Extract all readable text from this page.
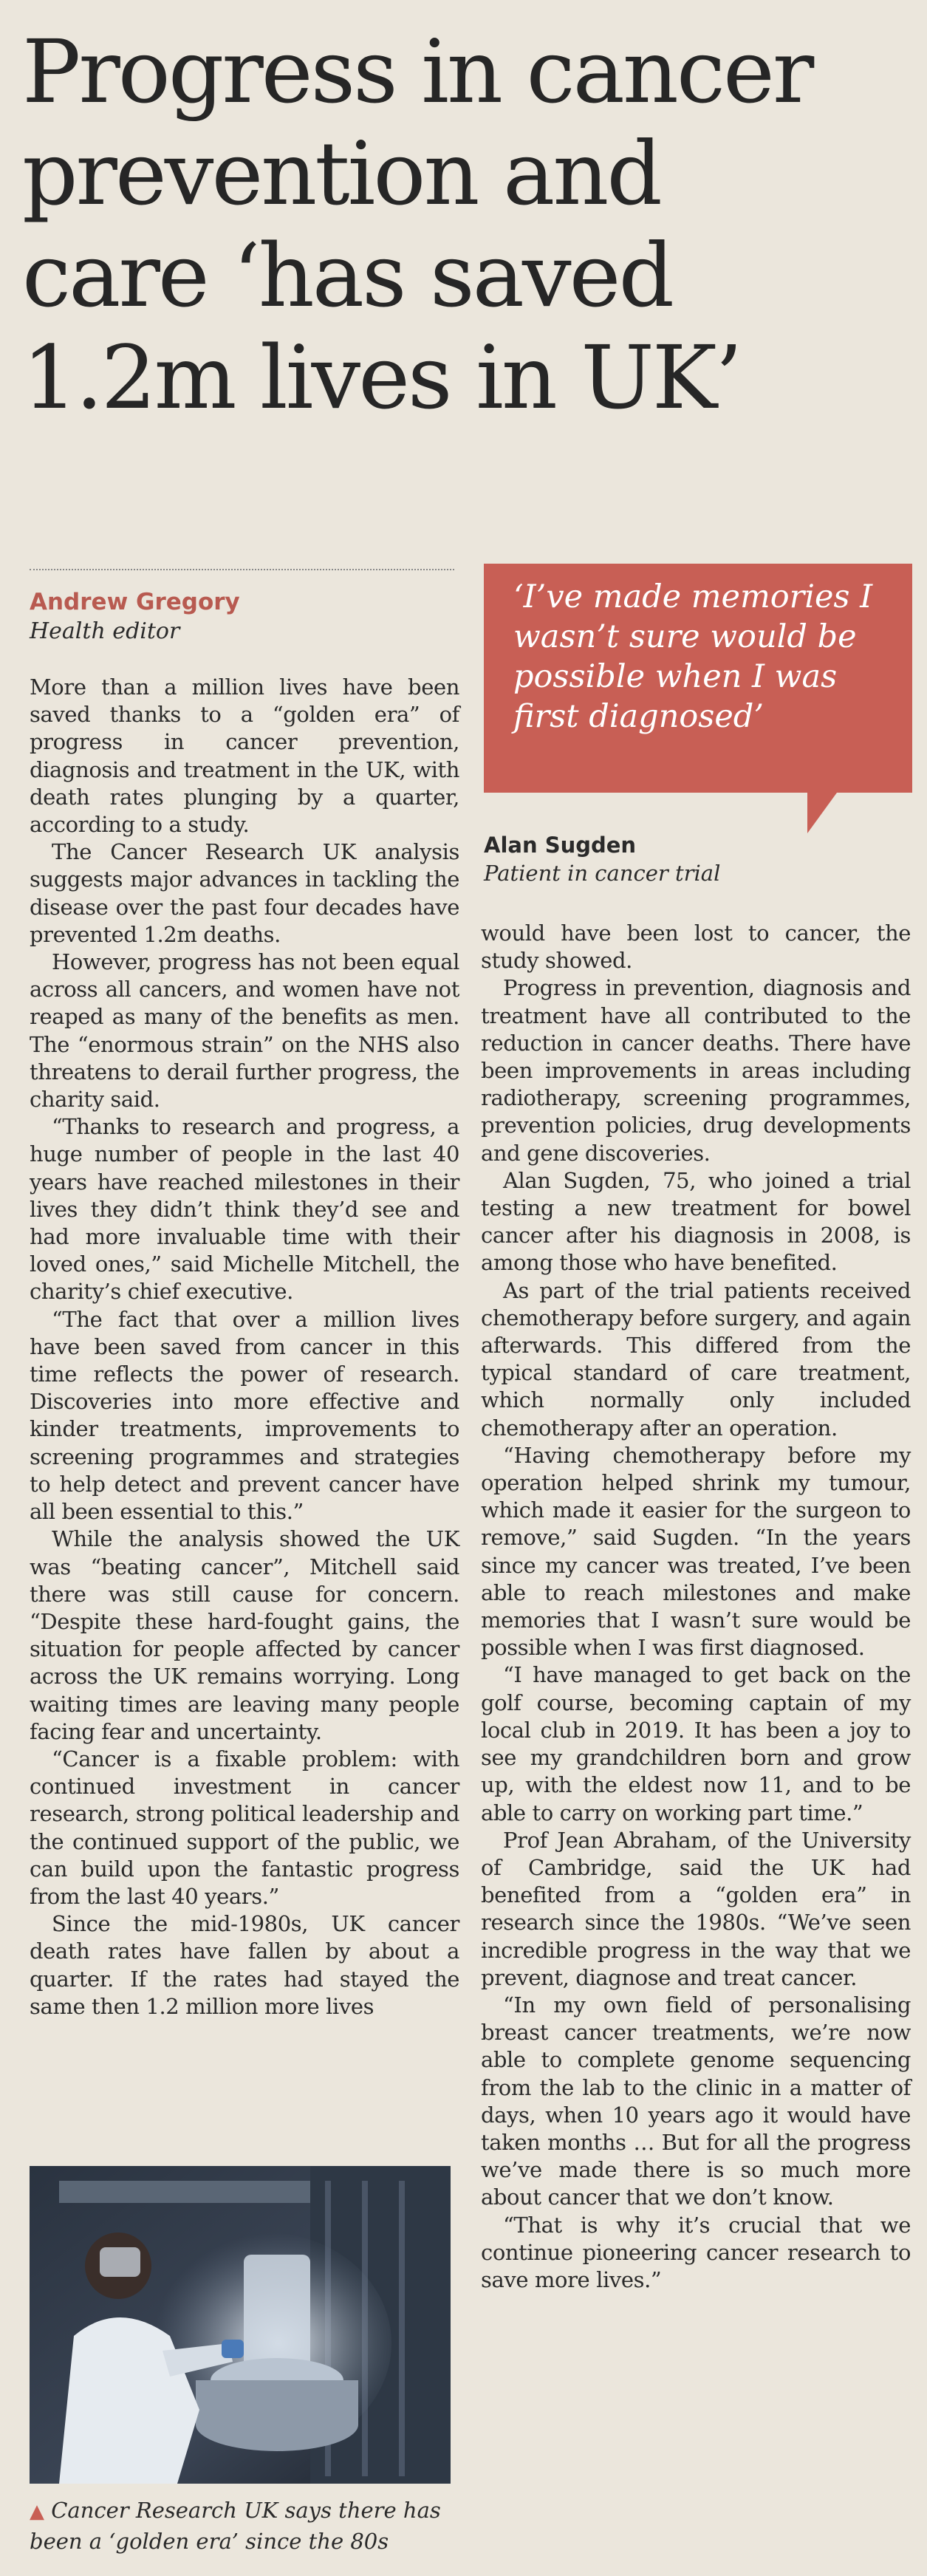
Progress in cancer
prevention and
care ‘has saved
1.2m lives in UK’
Andrew Gregory
Health editor
‘I’ve made memories I wasn’t sure would be possible when I was first diagnosed’
Alan Sugden
Patient in cancer trial

More than a million lives have been saved thanks to a “golden era” of progress in cancer prevention, diagnosis and treatment in the UK, with death rates plunging by a quarter, according to a study.

The Cancer Research UK analysis suggests major advances in tackling the disease over the past four decades have prevented 1.2m deaths.

However, progress has not been equal across all cancers, and women have not reaped as many of the benefits as men. The “enormous strain” on the NHS also threatens to derail further progress, the charity said.

“Thanks to research and progress, a huge number of people in the last 40 years have reached milestones in their lives they didn’t think they’d see and had more invaluable time with their loved ones,” said Michelle Mitchell, the charity’s chief executive.

“The fact that over a million lives have been saved from cancer in this time reflects the power of research. Discoveries into more effective and kinder treatments, improvements to screening programmes and strategies to help detect and prevent cancer have all been essential to this.”

While the analysis showed the UK was “beating cancer”, Mitchell said there was still cause for concern. “Despite these hard-fought gains, the situation for people affected by cancer across the UK remains worrying. Long waiting times are leaving many people facing fear and uncertainty.

“Cancer is a fixable problem: with continued investment in cancer research, strong political leadership and the continued support of the public, we can build upon the fantastic progress from the last 40 years.”

Since the mid-1980s, UK cancer death rates have fallen by about a quarter. If the rates had stayed the same then 1.2 million more lives

would have been lost to cancer, the study showed.

Progress in prevention, diagnosis and treatment have all contributed to the reduction in cancer deaths. There have been improvements in areas including radiotherapy, screening programmes, prevention policies, drug developments and gene discoveries.

Alan Sugden, 75, who joined a trial testing a new treatment for bowel cancer after his diagnosis in 2008, is among those who have benefited.

As part of the trial patients received chemotherapy before surgery, and again afterwards. This differed from the typical standard of care treatment, which normally only included chemotherapy after an operation.

“Having chemotherapy before my operation helped shrink my tumour, which made it easier for the surgeon to remove,” said Sugden. “In the years since my cancer was treated, I’ve been able to reach milestones and make memories that I wasn’t sure would be possible when I was first diagnosed.

“I have managed to get back on the golf course, becoming captain of my local club in 2019. It has been a joy to see my grandchildren born and grow up, with the eldest now 11, and to be able to carry on working part time.”

Prof Jean Abraham, of the University of Cambridge, said the UK had benefited from a “golden era” in research since the 1980s. “We’ve seen incredible progress in the way that we prevent, diagnose and treat cancer.

“In my own field of personalising breast cancer treatments, we’re now able to complete genome sequencing from the lab to the clinic in a matter of days, when 10 years ago it would have taken months … But for all the progress we’ve made there is so much more about cancer that we don’t know.

“That is why it’s crucial that we continue pioneering cancer research to save more lives.”

▲ Cancer Research UK says there has been a ‘golden era’ since the 80s
